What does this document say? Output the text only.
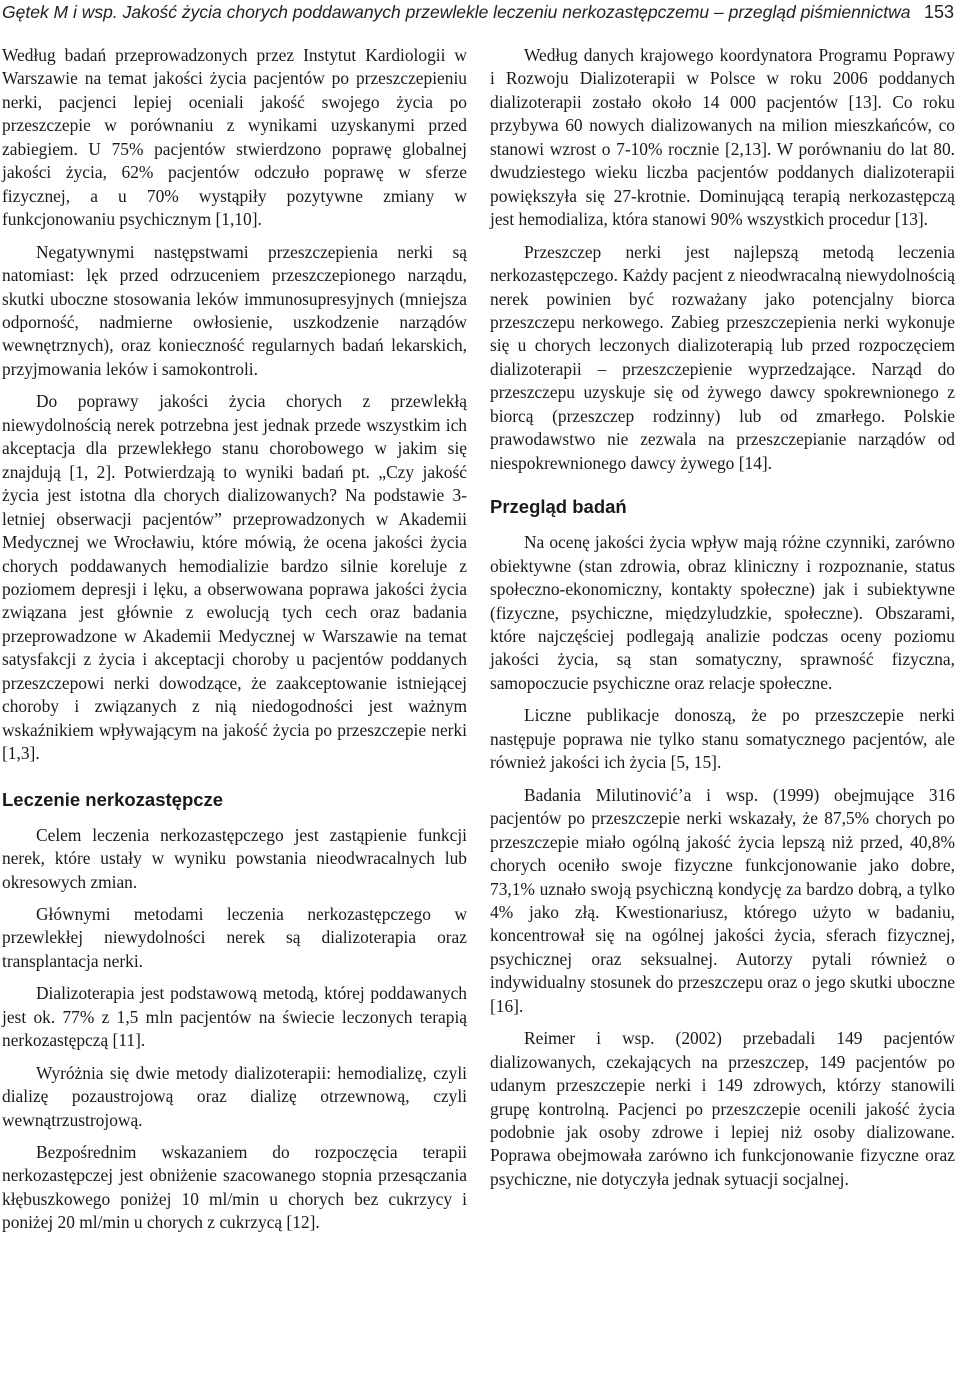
Gętek M i wsp. Jakość życia chorych poddawanych przewlekle leczeniu nerkozastępczemu – przegląd piśmiennictwa 153

Według badań przeprowadzonych przez Instytut Kardiologii w Warszawie na temat jakości życia pacjentów po przeszczepieniu nerki, pacjenci lepiej oceniali jakość swojego życia po przeszczepie w porównaniu z wynikami uzyskanymi przed zabiegiem. U 75% pacjentów stwierdzono poprawę globalnej jakości życia, 62% pacjentów odczuło poprawę w sferze fizycznej, a u 70% wystąpiły pozytywne zmiany w funkcjonowaniu psychicznym [1,10].

Negatywnymi następstwami przeszczepienia nerki są natomiast: lęk przed odrzuceniem przeszczepionego narządu, skutki uboczne stosowania leków immunosupresyjnych (mniejsza odporność, nadmierne owłosienie, uszkodzenie narządów wewnętrznych), oraz konieczność regularnych badań lekarskich, przyjmowania leków i samokontroli.

Do poprawy jakości życia chorych z przewlekłą niewydolnością nerek potrzebna jest jednak przede wszystkim ich akceptacja dla przewlekłego stanu chorobowego w jakim się znajdują [1, 2]. Potwierdzają to wyniki badań pt. „Czy jakość życia jest istotna dla chorych dializowanych? Na podstawie 3-letniej obserwacji pacjentów” przeprowadzonych w Akademii Medycznej we Wrocławiu, które mówią, że ocena jakości życia chorych poddawanych hemodializie bardzo silnie koreluje z poziomem depresji i lęku, a obserwowana poprawa jakości życia związana jest głównie z ewolucją tych cech oraz badania przeprowadzone w Akademii Medycznej w Warszawie na temat satysfakcji z życia i akceptacji choroby u pacjentów poddanych przeszczepowi nerki dowodzące, że zaakceptowanie istniejącej choroby i związanych z nią niedogodności jest ważnym wskaźnikiem wpływającym na jakość życia po przeszczepie nerki [1,3].

Leczenie nerkozastępcze

Celem leczenia nerkozastępczego jest zastąpienie funkcji nerek, które ustały w wyniku powstania nieodwracalnych lub okresowych zmian.

Głównymi metodami leczenia nerkozastępczego w przewlekłej niewydolności nerek są dializoterapia oraz transplantacja nerki.

Dializoterapia jest podstawową metodą, której poddawanych jest ok. 77% z 1,5 mln pacjentów na świecie leczonych terapią nerkozastępczą [11].

Wyróżnia się dwie metody dializoterapii: hemodializę, czyli dializę pozaustrojową oraz dializę otrzewnową, czyli wewnątrzustrojową.

Bezpośrednim wskazaniem do rozpoczęcia terapii nerkozastępczej jest obniżenie szacowanego stopnia przesączania kłębuszkowego poniżej 10 ml/min u chorych bez cukrzycy i poniżej 20 ml/min u chorych z cukrzycą [12].

Według danych krajowego koordynatora Programu Poprawy i Rozwoju Dializoterapii w Polsce w roku 2006 poddanych dializoterapii zostało około 14 000 pacjentów [13]. Co roku przybywa 60 nowych dializowanych na milion mieszkańców, co stanowi wzrost o 7-10% rocznie [2,13]. W porównaniu do lat 80. dwudziestego wieku liczba pacjentów poddanych dializoterapii powiększyła się 27-krotnie. Dominującą terapią nerkozastępczą jest hemodializa, która stanowi 90% wszystkich procedur [13].

Przeszczep nerki jest najlepszą metodą leczenia nerkozastępczego. Każdy pacjent z nieodwracalną niewydolnością nerek powinien być rozważany jako potencjalny biorca przeszczepu nerkowego. Zabieg przeszczepienia nerki wykonuje się u chorych leczonych dializoterapią lub przed rozpoczęciem dializoterapii – przeszczepienie wyprzedzające. Narząd do przeszczepu uzyskuje się od żywego dawcy spokrewnionego z biorcą (przeszczep rodzinny) lub od zmarłego. Polskie prawodawstwo nie zezwala na przeszczepianie narządów od niespokrewnionego dawcy żywego [14].

Przegląd badań

Na ocenę jakości życia wpływ mają różne czynniki, zarówno obiektywne (stan zdrowia, obraz kliniczny i rozpoznanie, status społeczno-ekonomiczny, kontakty społeczne) jak i subiektywne (fizyczne, psychiczne, międzyludzkie, społeczne). Obszarami, które najczęściej podlegają analizie podczas oceny poziomu jakości życia, są stan somatyczny, sprawność fizyczna, samopoczucie psychiczne oraz relacje społeczne.

Liczne publikacje donoszą, że po przeszczepie nerki następuje poprawa nie tylko stanu somatycznego pacjentów, ale również jakości ich życia [5, 15].

Badania Milutinović’a i wsp. (1999) obejmujące 316 pacjentów po przeszczepie nerki wskazały, że 87,5% chorych po przeszczepie miało ogólną jakość życia lepszą niż przed, 40,8% chorych oceniło swoje fizyczne funkcjonowanie jako dobre, 73,1% uznało swoją psychiczną kondycję za bardzo dobrą, a tylko 4% jako złą. Kwestionariusz, którego użyto w badaniu, koncentrował się na ogólnej jakości życia, sferach fizycznej, psychicznej oraz seksualnej. Autorzy pytali również o indywidualny stosunek do przeszczepu oraz o jego skutki uboczne [16].

Reimer i wsp. (2002) przebadali 149 pacjentów dializowanych, czekających na przeszczep, 149 pacjentów po udanym przeszczepie nerki i 149 zdrowych, którzy stanowili grupę kontrolną. Pacjenci po przeszczepie ocenili jakość życia podobnie jak osoby zdrowe i lepiej niż osoby dializowane. Poprawa obejmowała zarówno ich funkcjonowanie fizyczne oraz psychiczne, nie dotyczyła jednak sytuacji socjalnej.
